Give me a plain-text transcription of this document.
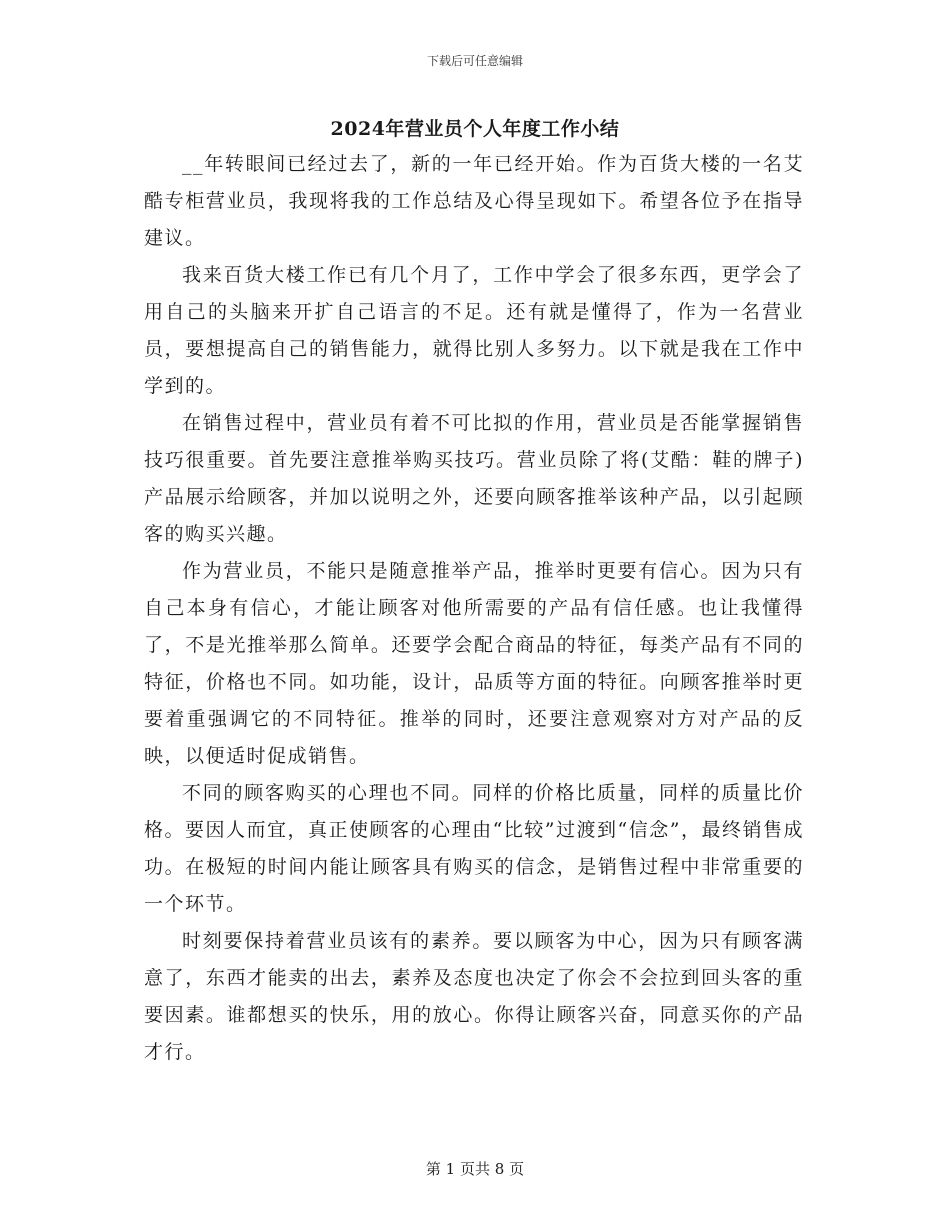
下载后可任意编辑
2024年营业员个人年度工作小结

__年转眼间已经过去了，新的一年已经开始。作为百货大楼的一名艾酷专柜营业员，我现将我的工作总结及心得呈现如下。希望各位予在指导建议。

我来百货大楼工作已有几个月了，工作中学会了很多东西，更学会了用自己的头脑来开扩自己语言的不足。还有就是懂得了，作为一名营业员，要想提高自己的销售能力，就得比别人多努力。以下就是我在工作中学到的。

在销售过程中，营业员有着不可比拟的作用，营业员是否能掌握销售技巧很重要。首先要注意推举购买技巧。营业员除了将(艾酷：鞋的牌子)产品展示给顾客，并加以说明之外，还要向顾客推举该种产品，以引起顾客的购买兴趣。

作为营业员，不能只是随意推举产品，推举时更要有信心。因为只有自己本身有信心，才能让顾客对他所需要的产品有信任感。也让我懂得了，不是光推举那么简单。还要学会配合商品的特征，每类产品有不同的特征，价格也不同。如功能，设计，品质等方面的特征。向顾客推举时更要着重强调它的不同特征。推举的同时，还要注意观察对方对产品的反映，以便适时促成销售。

不同的顾客购买的心理也不同。同样的价格比质量，同样的质量比价格。要因人而宜，真正使顾客的心理由“比较”过渡到“信念”，最终销售成功。在极短的时间内能让顾客具有购买的信念，是销售过程中非常重要的一个环节。

时刻要保持着营业员该有的素养。要以顾客为中心，因为只有顾客满意了，东西才能卖的出去，素养及态度也决定了你会不会拉到回头客的重要因素。谁都想买的快乐，用的放心。你得让顾客兴奋，同意买你的产品才行。

第 1 页共 8 页
